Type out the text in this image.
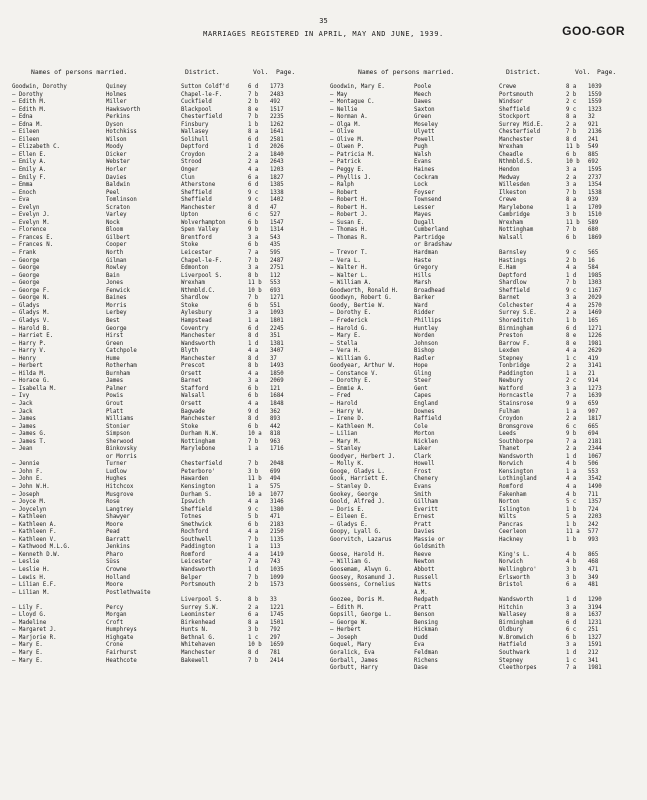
35
MARRIAGES REGISTERED IN APRIL, MAY AND JUNE, 1939.	GOO-GOR
Names of persons married.	District.	Vol. Page.	Names of persons married.	District.	Vol. Page.
Goodwin, Dorothy	Quiney	Sutton Coldf'd	6 d 1773
— Dorothy	Holmes	Chapel-le-F.	7 b 2483
— Edith M.	Miller	Cuckfield	2 b 492
— Edith M.	Hawksworth	Blackpool	8 e 1517
— Edna	Perkins	Chesterfield	7 b 2235
— Edna M.	Dyson	Finsbury	1 b 1262
— Eileen	Hotchkiss	Wallasey	8 a 1641
— Eileen	Wilson	Solihull	6 d 2581
— Elizabeth C.	Moody	Deptford	1 d 2026
— Ellen E.	Dicker	Croydon	2 a 1840
— Emily A.	Webster	Strood	2 a 2643
— Emily A.	Horler	Onger	4 a 1203
— Emily F.	Davies	Clun	6 a 1827
— Emma	Baldwin	Atherstone	6 d 1385
— Enoch	Peel	Sheffield	9 c 1338
— Eva	Tomlinson	Sheffield	9 c 1402
— Evelyn	Scraton	Manchester	8 d 47
— Evelyn J.	Varley	Upton	6 c 527
— Evelyn M.	Nock	Wolverhampton	6 b 1547
— Florence	Bloom	Spen Valley	9 b 1314
— Frances E.	Gilbert	Brentford	3 a 543
— Frances N.	Cooper	Stoke	6 b 435
— Frank	North	Leicester	7 a 595
— George	Gilman	Chapel-le-F.	7 b 2487
— George	Rowley	Edmonton	3 a 2751
— George	Bain	Liverpool S.	8 b 112
— George	Jones	Wrexham	11 b 553
— George F.	Fenwick	Nthmbld.C.	10 b 693
— George N.	Baines	Shardlow	7 b 1271
— Gladys	Morris	Stoke	6 b 551
— Gladys M.	Lerbey	Aylesbury	3 a 1093
— Gladys V.	Best	Hampstead	1 a 1801
— Harold B.	George	Coventry	6 d 2245
— Harriet E.	Hirst	Manchester	8 d 351
— Harry P.	Green	Wandsworth	1 d 1381
— Harry V.	Catchpole	Blyth	4 a 3407
— Henry	Hume	Manchester	8 d 37
— Herbert	Rotherham	Prescot	8 b 1493
— Hilda M.	Burnham	Orsett	4 a 1850
— Horace G.	James	Barnet	3 a 2069
— Isabella M.	Palmer	Stafford	6 b 121
— Ivy	Powis	Walsall	6 b 1684
— Jack	Grout	Orsett	4 a 1848
— Jack	Platt	Bagwade	9 d 362
— James	Williams	Manchester	8 d 893
— James	Stonier	Stoke	6 b 442
— James G.	Simpson	Durham N.W.	10 a 818
— James T.	Sherwood	Nottingham	7 b 963
— Jean	Binkovsky	Marylebone	1 a 1716
or Morris
— Jennie	Turner	Chesterfield	7 b 2048
— John F.	Ludlow	Peterboro'	3 b 699
— John E.	Hughes	Hawarden	11 b 494
— John W.H.	Hitchcox	Kensington	1 a 575
— Joseph	Musgrove	Durham S.	10 a 1077
— Joyce M.	Rose	Ipswich	4 a 3146
— Joycelyn	Langtrey	Sheffield	9 c 1380
— Kathleen	Shawyer	Totnes	5 b 471
— Kathleen A.	Moore	Smethwick	6 b 2183
— Kathleen F.	Pead	Rochford	4 a 2150
— Kathleen V.	Barratt	Southwell	7 b 1135
— Kathwood M.L.G.	Jenkins	Paddington	1 a 113
— Kenneth D.W.	Pharo	Romford	4 a 1419
— Leslie	Süss	Leicester	7 a 743
— Leslie H.	Crowne	Wandsworth	1 d 1035
— Lewis H.	Holland	Belper	7 b 1099
— Lilian E.F.	Moore	Portsmouth	2 b 1573
— Lilian M.	Postlethwaite
Liverpool S.	8 b 33
— Lily F.	Percy	Surrey S.W.	2 a 1221
— Lloyd G.	Morgan	Leominster	6 a 1745
— Madeline	Croft	Birkenhead	8 a 1501
— Margaret J.	Humphreys	Hunts N.	3 b 792
— Marjorie R.	Highgate	Bethnal G.	1 c 297
— Mary E.	Crone	Whitehaven	10 b 1659
— Mary E.	Fairhurst	Manchester	8 d 781
— Mary E.	Heathcote	Bakewell	7 b 2414
Goodwin, Mary E.	Poole	Crewe	8 a 1039
— May	Meech	Portsmouth	2 b 1559
— Montague C.	Dawes	Windsor	2 c 1559
— Nellie	Saxton	Sheffield	9 c 1323
— Norman A.	Green	Stockport	8 a 32
— Olga M.	Moseley	Surrey Mid.E.	2 a 921
— Olive	Ulyett	Chesterfield	7 b 2136
— Olive M.	Powell	Manchester	8 d 241
— Olwen P.	Pugh	Wrexham	11 b 549
— Patricia M.	Walsh	Cheadle	6 b 885
— Patrick	Evans	Nthmbld.S.	10 b 692
— Peggy E.	Haines	Hendon	3 a 1595
— Phyllis J.	Cockram	Medway	2 a 2737
— Ralph	Lock	Willesden	3 a 1354
— Robert	Foyser	Ilkeston	7 b 1538
— Robert H.	Townsend	Crewe	8 a 939
— Robert H.	Lesser	Marylebone	1 a 1709
— Robert J.	Mayes	Cambridge	3 b 1510
— Susan E.	Dugall	Wrexham	11 b 589
— Thomas H.	Cumberland	Nottingham	7 b 680
— Thomas R.	Partridge	Walsall	6 b 1869
or Bradshaw
— Trevor T.	Hardman	Barnsley	9 c 565
— Vera L.	Haste	Hastings	2 b 16
— Walter H.	Gregory	E.Ham	4 a 584
— Walter L.	Hills	Deptford	1 d 1985
— William A.	Marsh	Shardlow	7 b 1303
Goodworth, Ronald H.	Broadhead	Sheffield	9 c 1167
Goodwyn, Robert G.	Barker	Barnet	3 a 2029
Goody, Bertie W.	Ward	Colchester	4 a 2570
— Dorothy E.	Ridder	Surrey S.E.	2 a 1469
— Frederick	Phillips	Shoreditch	1 b 165
— Harold G.	Huntley	Birmingham	6 d 1271
— Mary E.	Worden	Preston	8 e 1226
— Stella	Johnson	Barrow F.	8 e 1981
— Vera H.	Bishop	Lexden	4 a 2629
— William G.	Radler	Stepney	1 c 419
Goodyear, Arthur W.	Hope	Tonbridge	2 a 3141
— Constance V.	Gling	Paddington	1 a 21
— Dorothy E.	Steer	Newbury	2 c 914
— Emmie A.	Gent	Watford	3 a 1273
— Fred	Capes	Horncastle	7 a 1639
— Harold	England	Stainsrose	9 a 659
— Harry W.	Downes	Fulham	1 a 907
— Irene D.	Raffield	Croydon	2 a 1817
— Kathleen M.	Cole	Bromsgrove	6 c 665
— Lilian	Morton	Leeds	9 b 694
— Mary M.	Nicklen	Southborpe	7 a 2181
— Stanley	Laker	Thanet	2 a 2344
Goodyer, Herbert J.	Clark	Wandsworth	1 d 1067
— Molly K.	Howell	Norwich	4 b 506
Googe, Gladys L.	Frost	Kensington	1 a 553
Gook, Harriett E.	Chenery	Lothingland	4 a 3542
— Stanley D.	Evans	Romford	4 a 1490
Gookey, George	Smith	Fakenham	4 b 711
Goold, Alfred J.	Gillham	Norton	5 c 1357
— Doris E.	Everitt	Islington	1 b 724
— Eileen E.	Ernest	Wilts	5 a 2203
— Gladys E.	Pratt	Pancras	1 b 242
Goopy, Lyall G.	Davies	Ceerleon	11 a 577
Goorvitch, Lazarus	Massie or	Hackney	1 b 993
Goldsmith
Goose, Harold H.	Reeve	King's L.	4 b 865
— William G.	Newton	Norwich	4 b 468
Goosemam, Alwyn G.	Abbott	Wellingbro'	3 b 471
Goosey, Rosamund J.	Russell	Erlsworth	3 b 349
Goossens, Cornelius	Watts	Bristol	6 a 481
A.M.
Goozee, Doris M.	Redpath	Wandsworth	1 d 1290
— Edith M.	Pratt	Hitchin	3 a 3194
Gopsill, George L.	Benson	Wallasey	8 a 1637
— George W.	Bensing	Birmingham	6 d 1231
— Herbert	Hickman	Oldbury	6 c 251
— Joseph	Dudd	W.Bromwich	6 b 1327
Goquel, Mary	Eva	Hatfield	3 a 1591
Goralick, Eva	Feldman	Southwark	1 d 212
Gorball, James	Richens	Stepney	1 c 341
Gorbutt, Harry	Dase	Cleethorpes	7 a 1981
